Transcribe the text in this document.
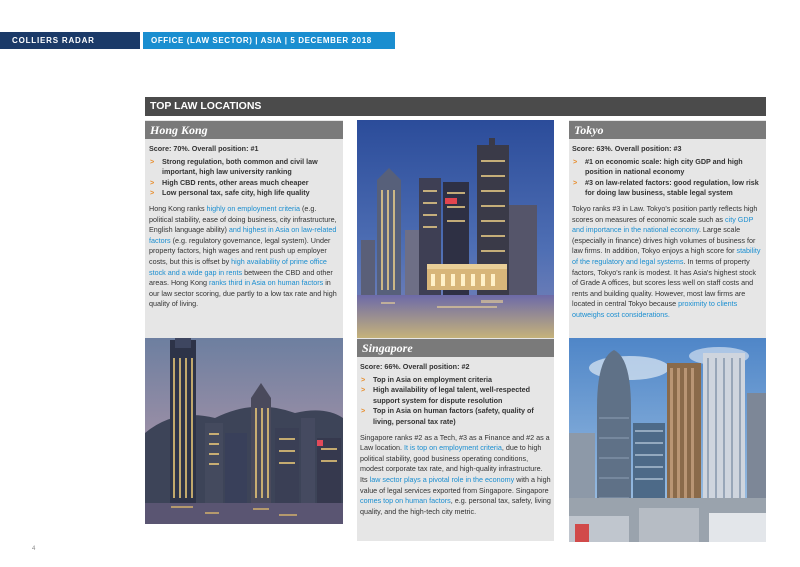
COLLIERS RADAR	OFFICE (LAW SECTOR) | ASIA | 5 DECEMBER 2018
TOP LAW LOCATIONS
Hong Kong
Score: 70%. Overall position: #1
> Strong regulation, both common and civil law important, high law university ranking
> High CBD rents, other areas much cheaper
> Low personal tax, safe city, high life quality

Hong Kong ranks highly on employment criteria (e.g. political stability, ease of doing business, city infrastructure, English language ability) and highest in Asia on law-related factors (e.g. regulatory governance, legal system). Under property factors, high wages and rent push up employer costs, but this is offset by high availability of prime office stock and a wide gap in rents between the CBD and other areas. Hong Kong ranks third in Asia on human factors in our law sector scoring, due partly to a low tax rate and high quality of living.

Singapore
Score: 66%. Overall position: #2
> Top in Asia on employment criteria
> High availability of legal talent, well-respected support system for dispute resolution
> Top in Asia on human factors (safety, quality of living, personal tax rate)

Singapore ranks #2 as a Tech, #3 as a Finance and #2 as a Law location. It is top on employment criteria, due to high political stability, good business operating conditions, modest corporate tax rate, and high-quality infrastructure. Its law sector plays a pivotal role in the economy with a high value of legal services exported from Singapore. Singapore comes top on human factors, e.g. personal tax, safety, living quality, and the high-tech city metric.

Tokyo
Score: 63%. Overall position: #3
> #1 on economic scale: high city GDP and high position in national economy
> #3 on law-related factors: good regulation, low risk for doing law business, stable legal system

Tokyo ranks #3 in Law. Tokyo's position partly reflects high scores on measures of economic scale such as city GDP and importance in the national economy. Large scale (especially in finance) drives high volumes of business for law firms. In addition, Tokyo enjoys a high score for stability of the regulatory and legal systems. In terms of property factors, Tokyo's rank is modest. It has Asia's highest stock of Grade A offices, but scores less well on staff costs and rents and building quality. However, most law firms are located in central Tokyo because proximity to clients outweighs cost considerations.

4
